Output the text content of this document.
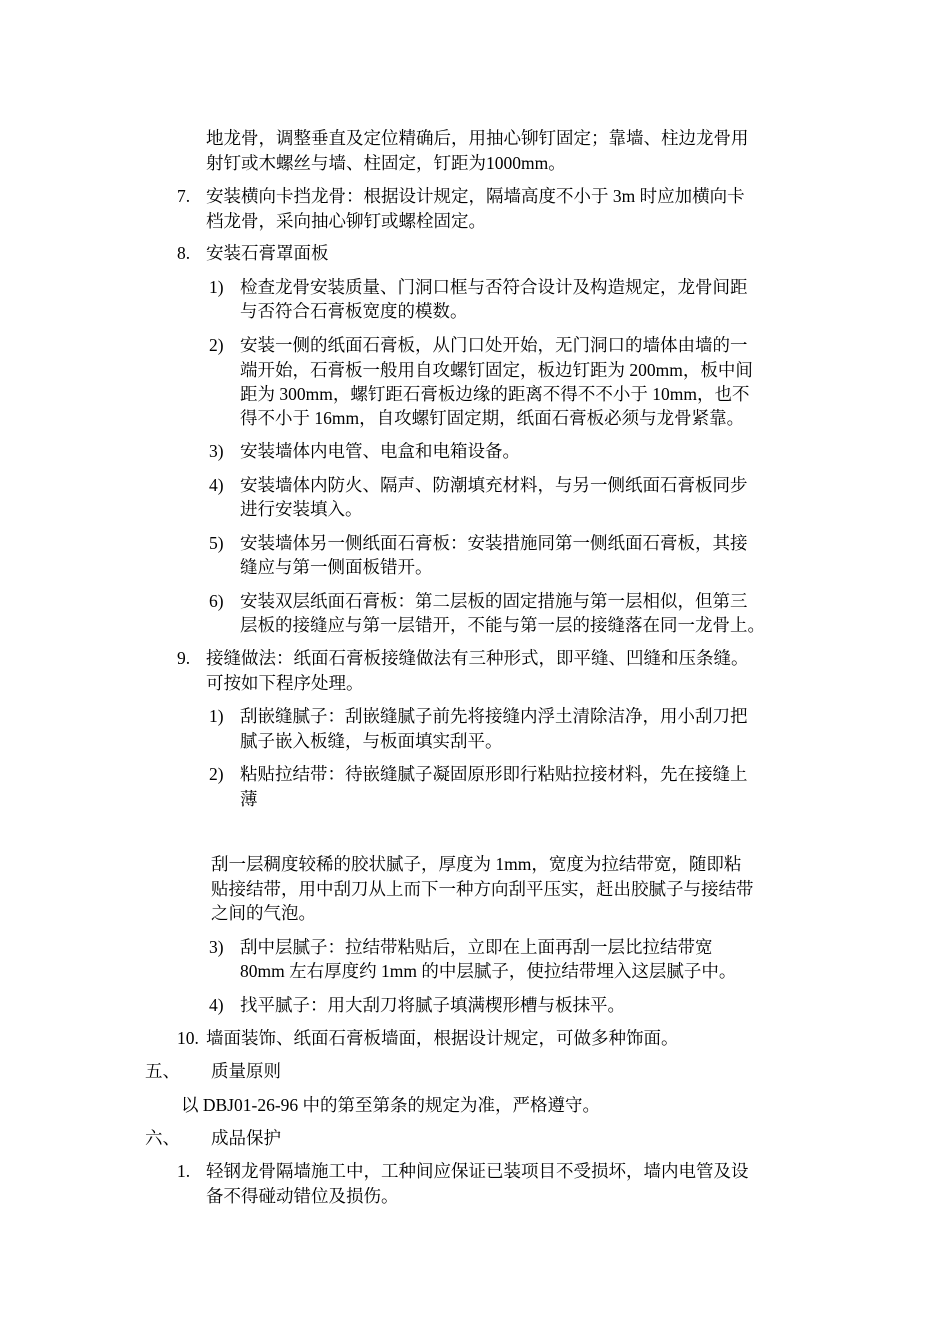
地龙骨，调整垂直及定位精确后，用抽心铆钉固定；靠墙、柱边龙骨用
射钉或木螺丝与墙、柱固定，钉距为1000mm。
7. 安装横向卡挡龙骨：根据设计规定，隔墙高度不小于 3m 时应加横向卡
档龙骨，采向抽心铆钉或螺栓固定。
8. 安装石膏罩面板
1) 检查龙骨安装质量、门洞口框与否符合设计及构造规定，龙骨间距
与否符合石膏板宽度的模数。
2) 安装一侧的纸面石膏板，从门口处开始，无门洞口的墙体由墙的一
端开始，石膏板一般用自攻螺钉固定，板边钉距为 200mm，板中间
距为 300mm，螺钉距石膏板边缘的距离不得不不小于 10mm，也不
得不小于 16mm，自攻螺钉固定期，纸面石膏板必须与龙骨紧靠。
3) 安装墙体内电管、电盒和电箱设备。
4) 安装墙体内防火、隔声、防潮填充材料，与另一侧纸面石膏板同步
进行安装填入。
5) 安装墙体另一侧纸面石膏板：安装措施同第一侧纸面石膏板，其接
缝应与第一侧面板错开。
6) 安装双层纸面石膏板：第二层板的固定措施与第一层相似，但第三
层板的接缝应与第一层错开，不能与第一层的接缝落在同一龙骨上。
9. 接缝做法：纸面石膏板接缝做法有三种形式，即平缝、凹缝和压条缝。
可按如下程序处理。
1) 刮嵌缝腻子：刮嵌缝腻子前先将接缝内浮土清除洁净，用小刮刀把
腻子嵌入板缝，与板面填实刮平。
2) 粘贴拉结带：待嵌缝腻子凝固原形即行粘贴拉接材料，先在接缝上
薄
刮一层稠度较稀的胶状腻子，厚度为 1mm，宽度为拉结带宽，随即粘
贴接结带，用中刮刀从上而下一种方向刮平压实，赶出胶腻子与接结带
之间的气泡。
3) 刮中层腻子：拉结带粘贴后，立即在上面再刮一层比拉结带宽
80mm 左右厚度约 1mm 的中层腻子，使拉结带埋入这层腻子中。
4) 找平腻子：用大刮刀将腻子填满楔形槽与板抹平。
10. 墙面装饰、纸面石膏板墙面，根据设计规定，可做多种饰面。
五、 质量原则
以 DBJ01-26-96 中的第至第条的规定为准，严格遵守。
六、 成品保护
1. 轻钢龙骨隔墙施工中，工种间应保证已装项目不受损坏，墙内电管及设
备不得碰动错位及损伤。
